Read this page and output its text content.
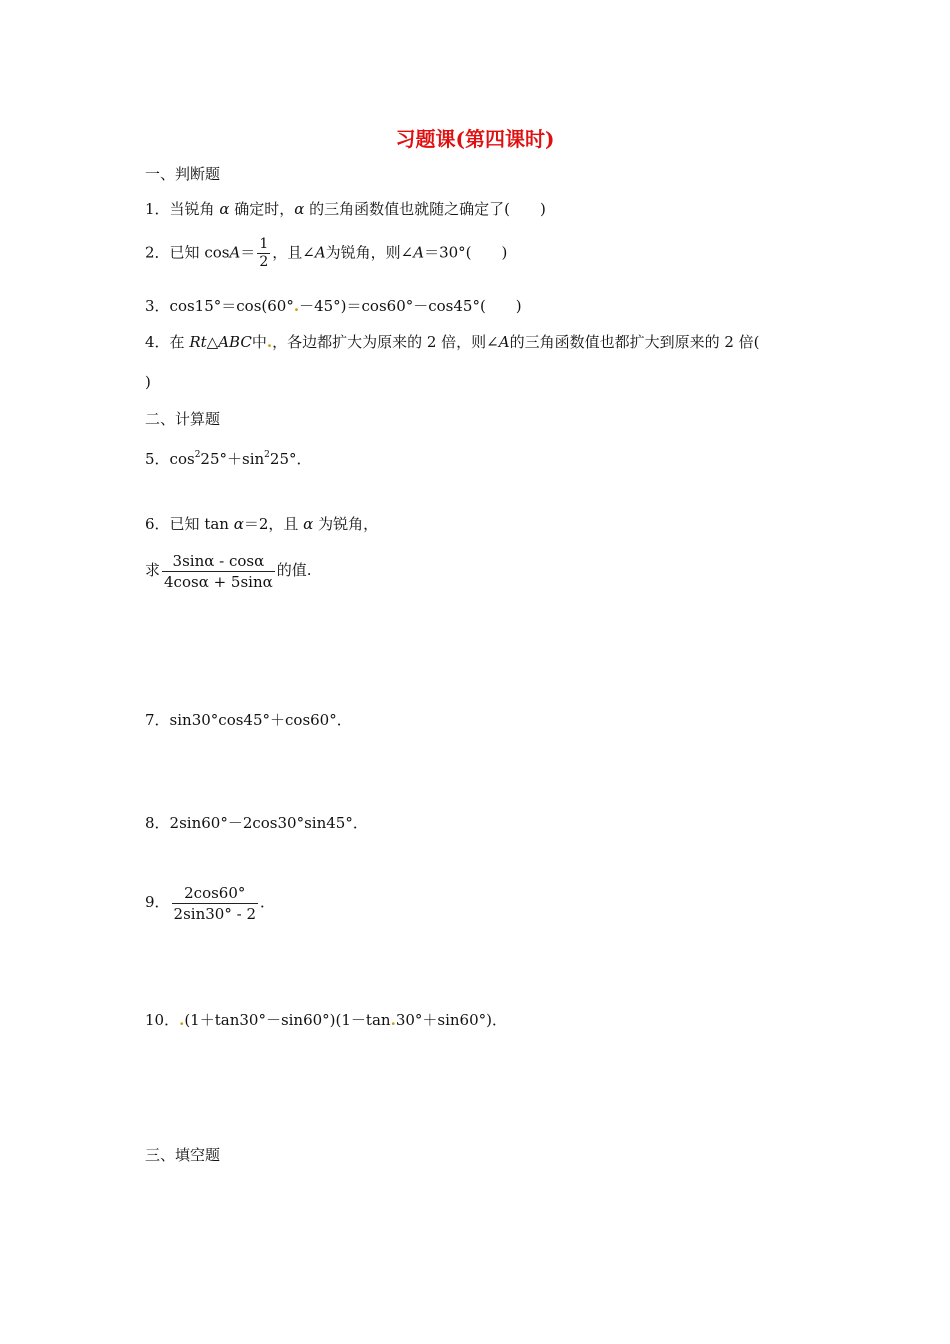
习题课(第四课时)
一、判断题
1．当锐角 α 确定时，α 的三角函数值也就随之确定了(　　)
2．已知 $\cos A= \frac{1}{2}$ ，且∠A为锐角，则∠A＝30°(　　)
3．cos15°＝cos(60°.－45°)＝cos60°－cos45°(　　)
4．在 Rt△ABC中.，各边都扩大为原来的 2 倍，则∠A的三角函数值也都扩大到原来的 2 倍(
)
二、计算题
5．$\cos^225^\circ+\sin^225^\circ$．
6．已知 tan α＝2，且 α 为锐角，
求 $\frac{3\sin\alpha - \cos\alpha}{4\cos\alpha + 5\sin\alpha}$ 的值.
7．sin30°cos45°＋cos60°．
8．2sin60°－2cos30°sin45°．
9． $\frac{2\cos 60^\circ}{2\sin 30^\circ - 2}$ ．
10．.(1＋tan30°－sin60°)(1－tan.30°＋sin60°)．
三、填空题
